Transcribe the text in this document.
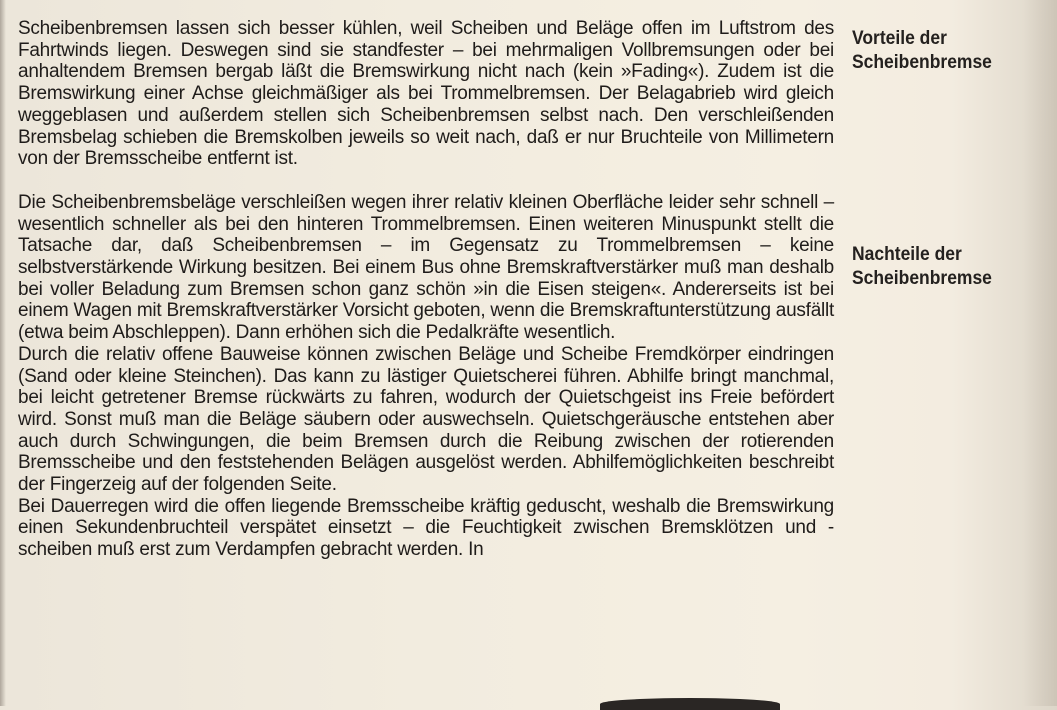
Scheibenbremsen lassen sich besser kühlen, weil Scheiben und Beläge offen im Luftstrom des Fahrtwinds liegen. Deswegen sind sie standfester – bei mehrmaligen Vollbremsungen oder bei anhaltendem Bremsen bergab läßt die Bremswirkung nicht nach (kein »Fading«). Zudem ist die Bremswirkung einer Achse gleichmäßiger als bei Trommelbremsen. Der Belagabrieb wird gleich weggeblasen und außerdem stellen sich Scheibenbremsen selbst nach. Den verschleißenden Bremsbelag schieben die Bremskolben jeweils so weit nach, daß er nur Bruchteile von Millimetern von der Bremsscheibe entfernt ist.

Die Scheibenbremsbeläge verschleißen wegen ihrer relativ kleinen Oberfläche leider sehr schnell – wesentlich schneller als bei den hinteren Trommelbremsen. Einen weiteren Minuspunkt stellt die Tatsache dar, daß Scheibenbremsen – im Gegensatz zu Trommelbremsen – keine selbstverstärkende Wirkung besitzen. Bei einem Bus ohne Bremskraftverstärker muß man deshalb bei voller Beladung zum Bremsen schon ganz schön »in die Eisen steigen«. Andererseits ist bei einem Wagen mit Bremskraftverstärker Vorsicht geboten, wenn die Bremskraftunterstützung ausfällt (etwa beim Abschleppen). Dann erhöhen sich die Pedalkräfte wesentlich.

Durch die relativ offene Bauweise können zwischen Beläge und Scheibe Fremdkörper eindringen (Sand oder kleine Steinchen). Das kann zu lästiger Quietscherei führen. Abhilfe bringt manchmal, bei leicht getretener Bremse rückwärts zu fahren, wodurch der Quietschgeist ins Freie befördert wird. Sonst muß man die Beläge säubern oder auswechseln. Quietschgeräusche entstehen aber auch durch Schwingungen, die beim Bremsen durch die Reibung zwischen der rotierenden Bremsscheibe und den feststehenden Belägen ausgelöst werden. Abhilfemöglichkeiten beschreibt der Fingerzeig auf der folgenden Seite.

Bei Dauerregen wird die offen liegende Bremsscheibe kräftig geduscht, weshalb die Bremswirkung einen Sekundenbruchteil verspätet einsetzt – die Feuchtigkeit zwischen Bremsklötzen und -scheiben muß erst zum Verdampfen gebracht werden. In

Vorteile der
Scheibenbremse
Nachteile der
Scheibenbremse
